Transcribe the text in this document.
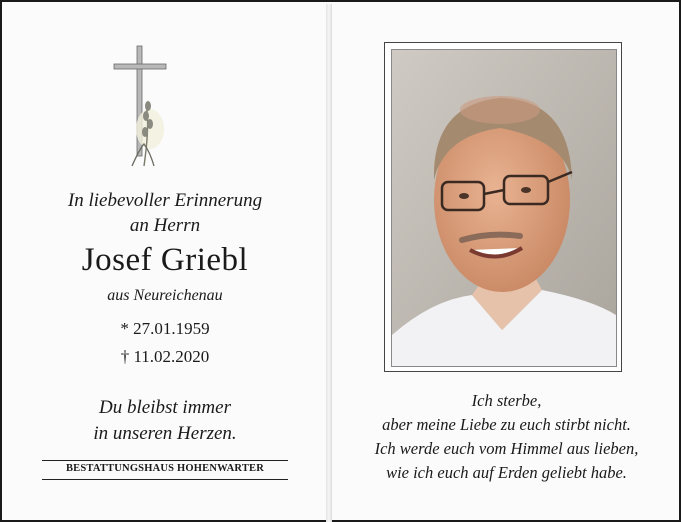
In liebevoller Erinnerung
an Herrn
Josef Griebl
aus Neureichenau
* 27.01.1959
† 11.02.2020
Du bleibst immer
in unseren Herzen.
BESTATTUNGSHAUS HOHENWARTER
Ich sterbe,
aber meine Liebe zu euch stirbt nicht.
Ich werde euch vom Himmel aus lieben,
wie ich euch auf Erden geliebt habe.
